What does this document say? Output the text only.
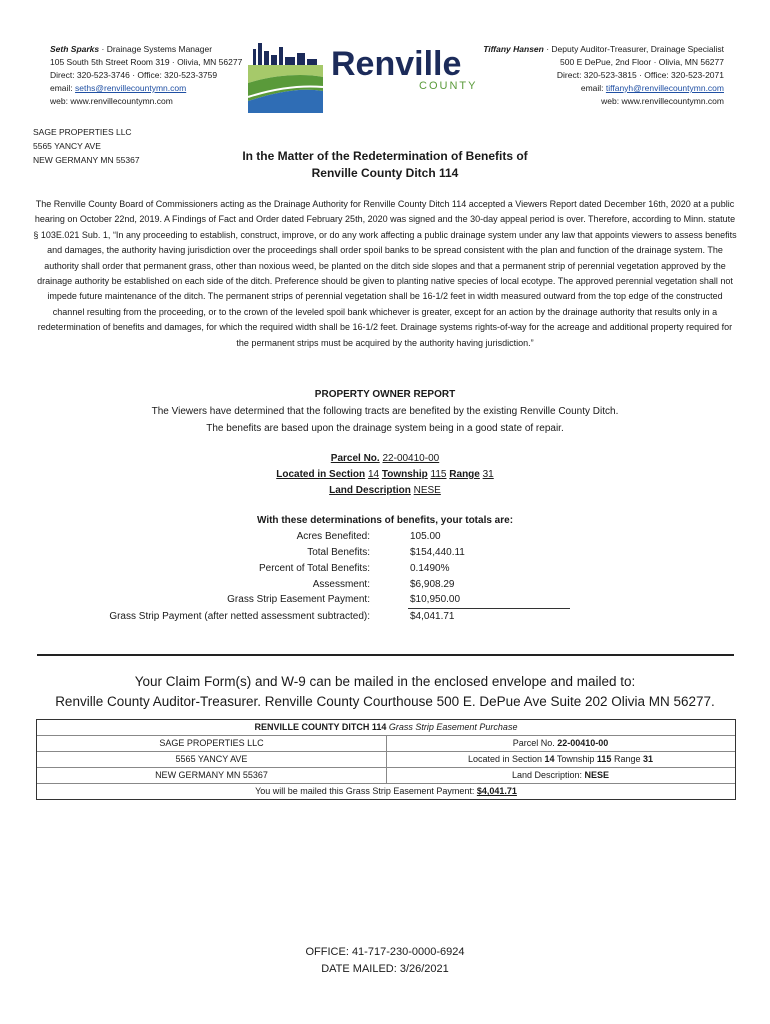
Seth Sparks · Drainage Systems Manager
105 South 5th Street Room 319 · Olivia, MN 56277
Direct: 320-523-3746 · Office: 320-523-3759
email: seths@renvillecountymn.com
web: www.renvillecountymn.com
Renville
COUNTY
Tiffany Hansen · Deputy Auditor-Treasurer, Drainage Specialist
500 E DePue, 2nd Floor · Olivia, MN 56277
Direct: 320-523-3815 · Office: 320-523-2071
email: tiffanyh@renvillecountymn.com
web: www.renvillecountymn.com
SAGE PROPERTIES LLC
5565 YANCY AVE
NEW GERMANY MN 55367	In the Matter of the Redetermination of Benefits of
Renville County Ditch 114
The Renville County Board of Commissioners acting as the Drainage Authority for Renville County Ditch 114 accepted a Viewers Report dated December 16th, 2020 at a public hearing on October 22nd, 2019. A Findings of Fact and Order dated February 25th, 2020 was signed and the 30-day appeal period is over. Therefore, according to Minn. statute § 103E.021 Sub. 1, “In any proceeding to establish, construct, improve, or do any work affecting a public drainage system under any law that appoints viewers to assess benefits and damages, the authority having jurisdiction over the proceedings shall order spoil banks to be spread consistent with the plan and function of the drainage system. The authority shall order that permanent grass, other than noxious weed, be planted on the ditch side slopes and that a permanent strip of perennial vegetation approved by the drainage authority be established on each side of the ditch. Preference should be given to planting native species of local ecotype. The approved perennial vegetation shall not impede future maintenance of the ditch. The permanent strips of perennial vegetation shall be 16-1/2 feet in width measured outward from the top edge of the constructed channel resulting from the proceeding, or to the crown of the leveled spoil bank whichever is greater, except for an action by the drainage authority that results only in a redetermination of benefits and damages, for which the required width shall be 16-1/2 feet. Drainage systems rights-of-way for the acreage and additional property required for the permanent strips must be acquired by the authority having jurisdiction.”
PROPERTY OWNER REPORT
The Viewers have determined that the following tracts are benefited by the existing Renville County Ditch.
The benefits are based upon the drainage system being in a good state of repair.
Parcel No. 22-00410-00
Located in Section 14 Township 115 Range 31
Land Description NESE
With these determinations of benefits, your totals are:
Acres Benefited:	105.00
Total Benefits:	$154,440.11
Percent of Total Benefits:	0.1490%
Assessment:	$6,908.29
Grass Strip Easement Payment:	$10,950.00
Grass Strip Payment (after netted assessment subtracted):	$4,041.71
Your Claim Form(s) and W-9 can be mailed in the enclosed envelope and mailed to:
Renville County Auditor-Treasurer. Renville County Courthouse 500 E. DePue Ave Suite 202 Olivia MN 56277.
RENVILLE COUNTY DITCH 114 Grass Strip Easement Purchase
SAGE PROPERTIES LLC	Parcel No. 22-00410-00
5565 YANCY AVE	Located in Section 14 Township 115 Range 31
NEW GERMANY MN 55367	Land Description: NESE
You will be mailed this Grass Strip Easement Payment: $4,041.71
OFFICE: 41-717-230-0000-6924
DATE MAILED: 3/26/2021
